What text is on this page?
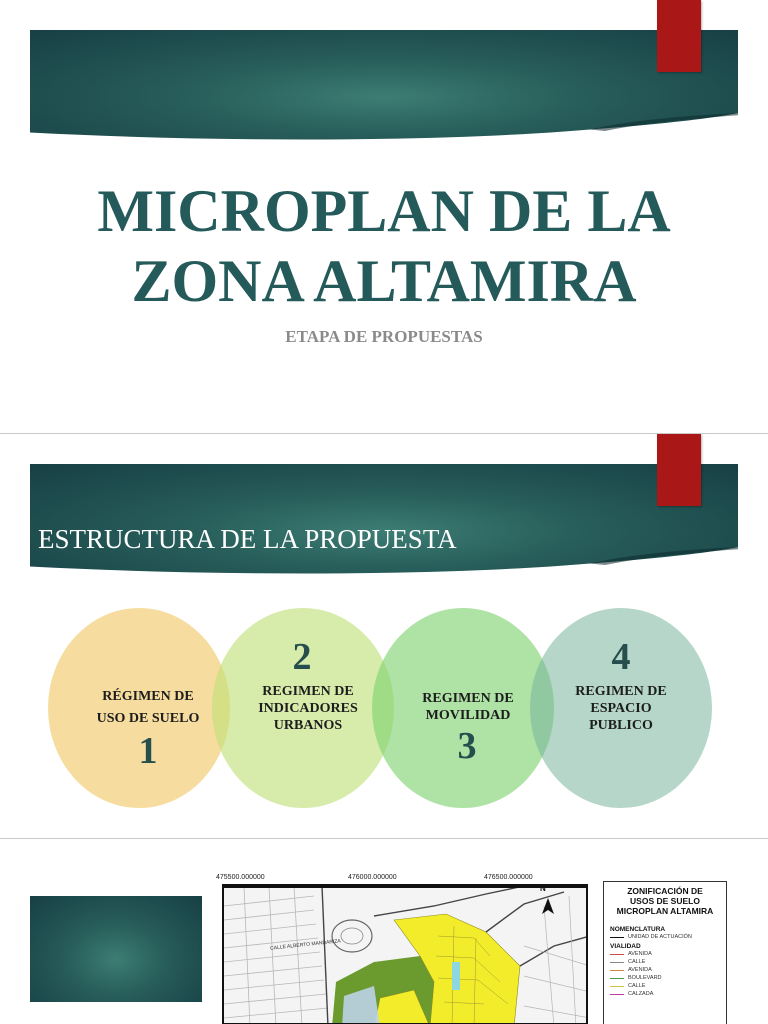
MICROPLAN DE LA
ZONA ALTAMIRA
ETAPA DE PROPUESTAS
ESTRUCTURA DE LA PROPUESTA
RÉGIMEN DE
USO DE SUELO
1
2
REGIMEN DE
INDICADORES
URBANOS
REGIMEN DE
MOVILIDAD
3
4
REGIMEN DE
ESPACIO
PUBLICO
475500.000000	476000.000000	476500.000000
N
CALLE ALBERTO MANDARIZA
ZONIFICACIÓN DE
USOS DE SUELO
MICROPLAN ALTAMIRA
NOMENCLATURA
UNIDAD DE ACTUACIÓN
VIALIDAD
AVENIDA
CALLE
AVENIDA
BOULEVARD
CALLE
CALZADA
